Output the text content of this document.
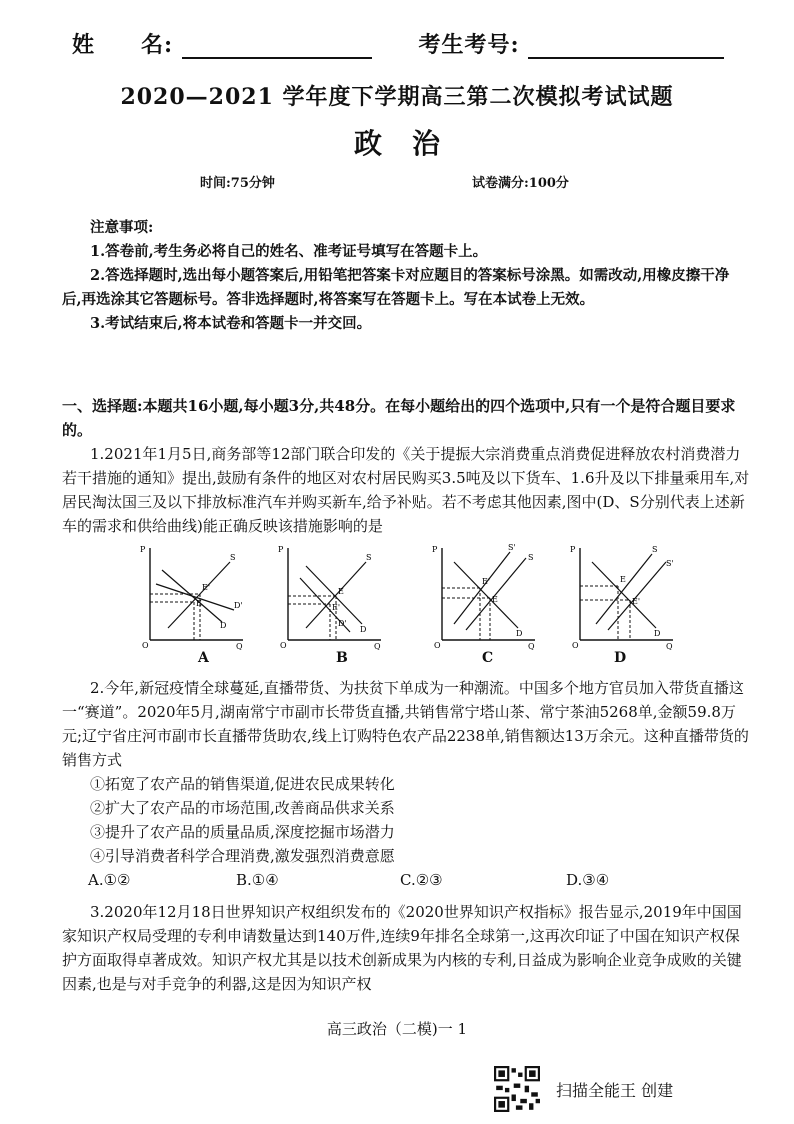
姓　　名:	考生考号:
2020—2021 学年度下学期高三第二次模拟考试试题
政治
时间:75分钟	试卷满分:100分

注意事项:

1.答卷前,考生务必将自己的姓名、准考证号填写在答题卡上。

2.答选择题时,选出每小题答案后,用铅笔把答案卡对应题目的答案标号涂黑。如需改动,用橡皮擦干净后,再选涂其它答题标号。答非选择题时,将答案写在答题卡上。写在本试卷上无效。

3.考试结束后,将本试卷和答题卡一并交回。

一、选择题:本题共16小题,每小题3分,共48分。在每小题给出的四个选项中,只有一个是符合题目要求的。

1.2021年1月5日,商务部等12部门联合印发的《关于提振大宗消费重点消费促进释放农村消费潜力若干措施的通知》提出,鼓励有条件的地区对农村居民购买3.5吨及以下货车、1.6升及以下排量乘用车,对居民淘汰国三及以下排放标准汽车并购买新车,给予补贴。若不考虑其他因素,图中(D、S分别代表上述新车的需求和供给曲线)能正确反映该措施影响的是

P
Q
O
S
D
D'
E'
E
A
P
Q
O
S
D
D'
E
E'
B
P
Q
O
S
S'
D
E'
E
C
P
Q
O
S
S'
D
E
E'
D

2.今年,新冠疫情全球蔓延,直播带货、为扶贫下单成为一种潮流。中国多个地方官员加入带货直播这一“赛道”。2020年5月,湖南常宁市副市长带货直播,共销售常宁塔山茶、常宁茶油5268单,金额59.8万元;辽宁省庄河市副市长直播带货助农,线上订购特色农产品2238单,销售额达13万余元。这种直播带货的销售方式

①拓宽了农产品的销售渠道,促进农民成果转化

②扩大了农产品的市场范围,改善商品供求关系

③提升了农产品的质量品质,深度挖掘市场潜力

④引导消费者科学合理消费,激发强烈消费意愿

A.①②	B.①④	C.②③	D.③④

3.2020年12月18日世界知识产权组织发布的《2020世界知识产权指标》报告显示,2019年中国国家知识产权局受理的专利申请数量达到140万件,连续9年排名全球第一,这再次印证了中国在知识产权保护方面取得卓著成效。知识产权尤其是以技术创新成果为内核的专利,日益成为影响企业竞争成败的关键因素,也是与对手竞争的利器,这是因为知识产权

高三政治（二模)一 1
扫描全能王 创建
